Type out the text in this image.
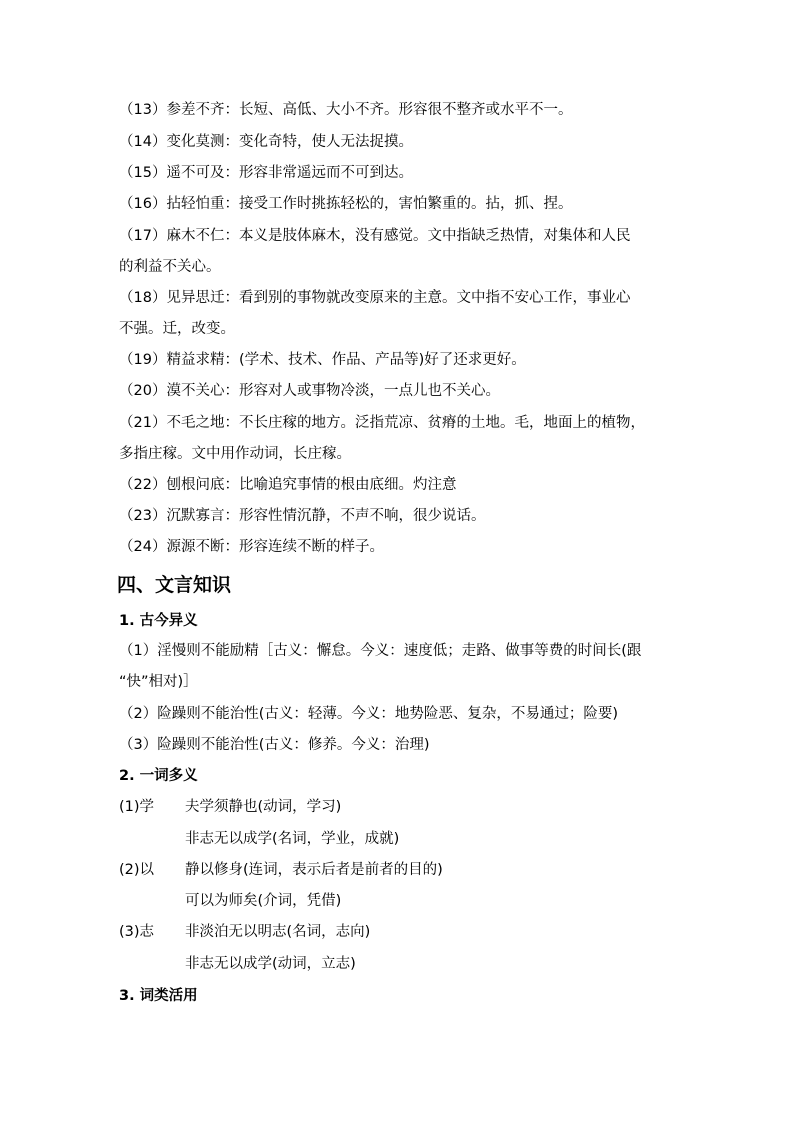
（13）参差不齐：长短、高低、大小不齐。形容很不整齐或水平不一。
（14）变化莫测：变化奇特，使人无法捉摸。
（15）遥不可及：形容非常遥远而不可到达。
（16）拈轻怕重：接受工作时挑拣轻松的，害怕繁重的。拈，抓、捏。
（17）麻木不仁：本义是肢体麻木，没有感觉。文中指缺乏热情，对集体和人民
的利益不关心。
（18）见异思迁：看到别的事物就改变原来的主意。文中指不安心工作，事业心
不强。迁，改变。
（19）精益求精：(学术、技术、作品、产品等)好了还求更好。
（20）漠不关心：形容对人或事物冷淡，一点儿也不关心。
（21）不毛之地：不长庄稼的地方。泛指荒凉、贫瘠的土地。毛，地面上的植物，
多指庄稼。文中用作动词，长庄稼。
（22）刨根问底：比喻追究事情的根由底细。灼注意
（23）沉默寡言：形容性情沉静，不声不响，很少说话。
（24）源源不断：形容连续不断的样子。
四、文言知识
1. 古今异义
（1）淫慢则不能励精［古义：懈怠。今义：速度低；走路、做事等费的时间长(跟
“快”相对)］
（2）险躁则不能治性(古义：轻薄。今义：地势险恶、复杂，不易通过；险要)
（3）险躁则不能治性(古义：修养。今义：治理)
2. 一词多义
(1)学 夫学须静也(动词，学习)
非志无以成学(名词，学业，成就)
(2)以 静以修身(连词，表示后者是前者的目的)
可以为师矣(介词，凭借)
(3)志 非淡泊无以明志(名词，志向)
非志无以成学(动词，立志)
3. 词类活用
